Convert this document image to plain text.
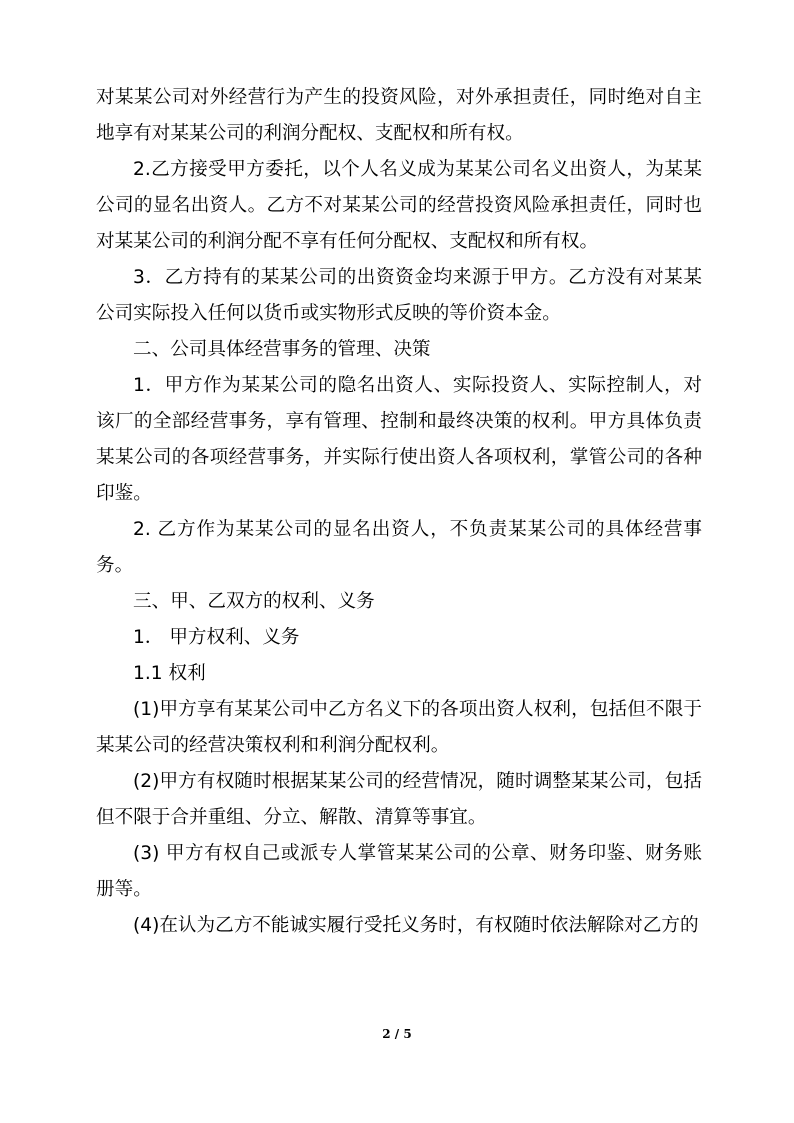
对某某公司对外经营行为产生的投资风险，对外承担责任，同时绝对自主地享有对某某公司的利润分配权、支配权和所有权。

2.乙方接受甲方委托，以个人名义成为某某公司名义出资人，为某某公司的显名出资人。乙方不对某某公司的经营投资风险承担责任，同时也对某某公司的利润分配不享有任何分配权、支配权和所有权。

3．乙方持有的某某公司的出资资金均来源于甲方。乙方没有对某某公司实际投入任何以货币或实物形式反映的等价资本金。

二、公司具体经营事务的管理、决策

1．甲方作为某某公司的隐名出资人、实际投资人、实际控制人，对该厂的全部经营事务，享有管理、控制和最终决策的权利。甲方具体负责某某公司的各项经营事务，并实际行使出资人各项权利，掌管公司的各种印鉴。

2. 乙方作为某某公司的显名出资人，不负责某某公司的具体经营事务。

三、甲、乙双方的权利、义务

1． 甲方权利、义务

1.1 权利

(1)甲方享有某某公司中乙方名义下的各项出资人权利，包括但不限于某某公司的经营决策权利和利润分配权利。

(2)甲方有权随时根据某某公司的经营情况，随时调整某某公司，包括但不限于合并重组、分立、解散、清算等事宜。

(3) 甲方有权自己或派专人掌管某某公司的公章、财务印鉴、财务账册等。

(4)在认为乙方不能诚实履行受托义务时，有权随时依法解除对乙方的

2 / 5
